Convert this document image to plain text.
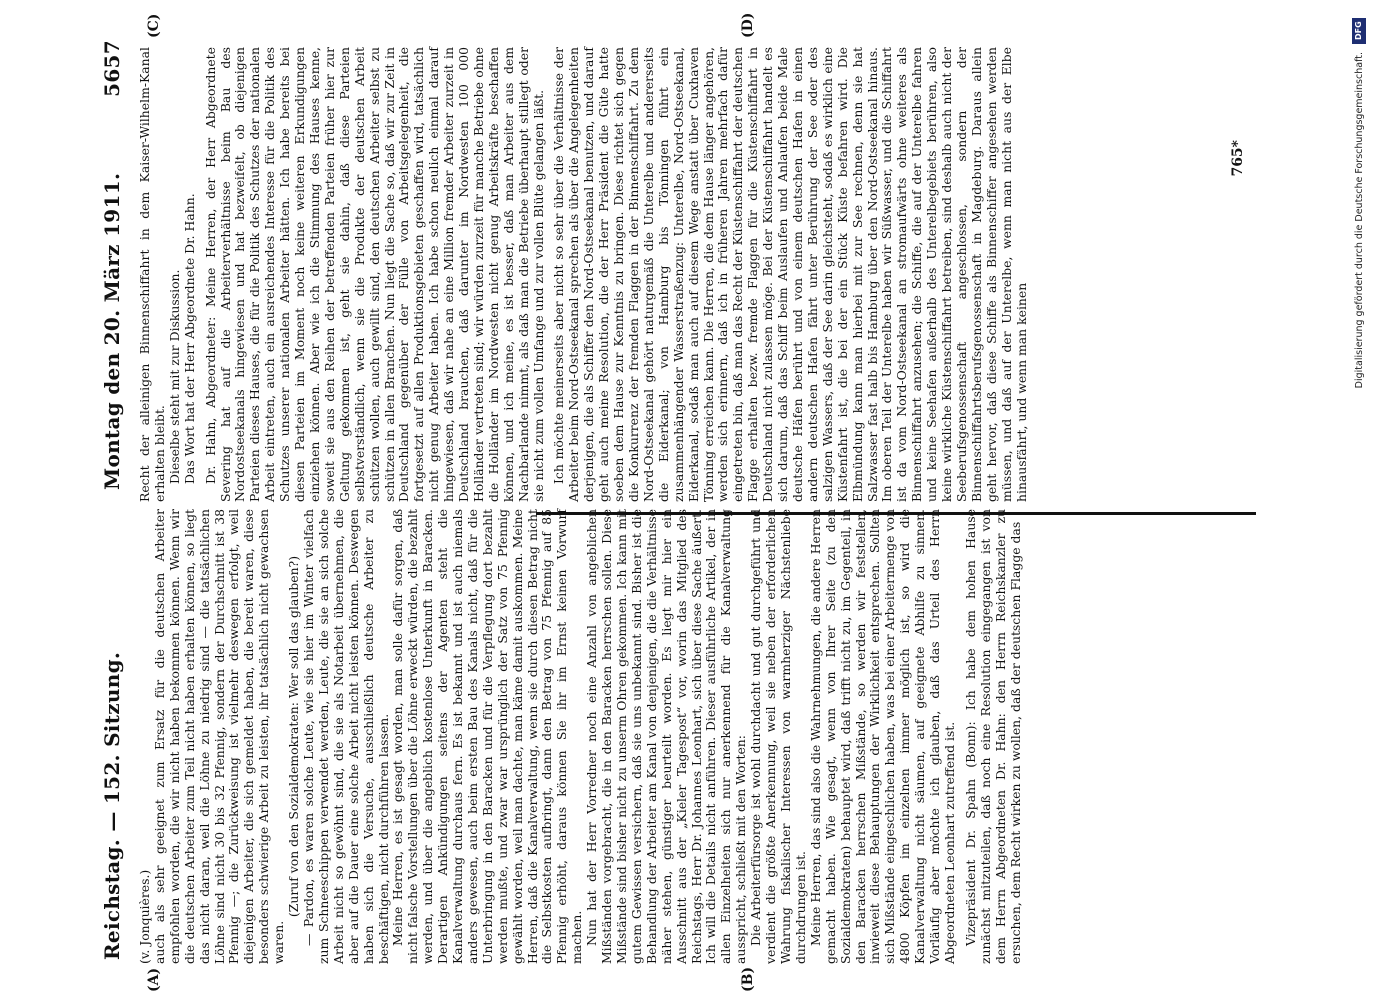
Reichstag. — 152. Sitzung.
Montag den 20. März 1911.
5657
(A)	(B)
(C)	(D)

(v. Jonquières.) auch als sehr geeignet zum Ersatz für die deutschen Arbeiter empfohlen worden, die wir nicht haben bekommen können. Wenn wir die deutschen Arbeiter zum Teil nicht haben erhalten können, so liegt das nicht daran, weil die Löhne zu niedrig sind — die tatsächlichen Löhne sind nicht 30 bis 32 Pfennig, sondern der Durchschnitt ist 38 Pfennig —; die Zurückweisung ist vielmehr deswegen erfolgt, weil diejenigen Arbeiter, die sich gemeldet haben, die bereit waren, diese besonders schwierige Arbeit zu leisten, ihr tatsächlich nicht gewachsen waren.

(Zuruf von den Sozialdemokraten: Wer soll das glauben?) — Pardon, es waren solche Leute, wie sie hier im Winter vielfach zum Schneeschippen verwendet werden, Leute, die sie an sich solche Arbeit nicht so gewöhnt sind, die sie als Notarbeit übernehmen, die aber auf die Dauer eine solche Arbeit nicht leisten können. Deswegen haben sich die Versuche, ausschließlich deutsche Arbeiter zu beschäftigen, nicht durchführen lassen. Meine Herren, es ist gesagt worden, man solle dafür sorgen, daß nicht falsche Vorstellungen über die Löhne erweckt würden, die bezahlt werden, und über die angeblich kostenlose Unterkunft in Baracken. Derartigen Ankündigungen seitens der Agenten steht die Kanalverwaltung durchaus fern. Es ist bekannt und ist auch niemals anders gewesen, auch beim ersten Bau des Kanals nicht, daß für die Unterbringung in den Baracken und für die Verpflegung dort bezahlt werden mußte, und zwar war ursprünglich der Satz von 75 Pfennig gewählt worden, weil man dachte, man käme damit auskommen. Meine Herren, daß die Kanalverwaltung, wenn sie durch diesen Betrag nicht die Selbstkosten aufbringt, dann den Betrag von 75 Pfennig auf 85 Pfennig erhöht, daraus können Sie ihr im Ernst keinen Vorwurf machen. Nun hat der Herr Vorredner noch eine Anzahl von angeblichen Mißständen vorgebracht, die in den Baracken herrschen sollen. Diese Mißstände sind bisher nicht zu unserm Ohren gekommen. Ich kann mit gutem Gewissen versichern, daß sie uns unbekannt sind. Bisher ist die Behandlung der Arbeiter am Kanal von denjenigen, die die Verhältnisse näher stehen, günstiger beurteilt worden. Es liegt mir hier ein Ausschnitt aus der „Kieler Tagespost“ vor, worin das Mitglied des Reichstags, Herr Dr. Johannes Leonhart, sich über diese Sache äußert. Ich will die Details nicht anführen. Dieser ausführliche Artikel, der in allen Einzelheiten sich nur anerkennend für die Kanalverwaltung ausspricht, schließt mit den Worten: Die Arbeiterfürsorge ist wohl durchdacht und gut durchgeführt und verdient die größte Anerkennung, weil sie neben der erforderlichen Wahrung fiskalischer Interessen von warmherziger Nächstenliebe durchdrungen ist. Meine Herren, das sind also die Wahrnehmungen, die andere Herren gemacht haben. Wie gesagt, wenn von Ihrer Seite (zu den Sozialdemokraten) behauptet wird, daß trifft nicht zu, im Gegenteil, in den Baracken herrschen Mißstände, so werden wir feststellen, inwieweit diese Behauptungen der Wirklichkeit entsprechen. Sollten sich Mißstände eingeschlichen haben, was bei einer Arbeitermenge von 4800 Köpfen im einzelnen immer möglich ist, so wird die Kanalverwaltung nicht säumen, auf geeignete Abhilfe zu sinnen. Vorläufig aber möchte ich glauben, daß das Urteil des Herrn Abgeordneten Leonhart zutreffend ist. Vizepräsident Dr. Spahn (Bonn): Ich habe dem hohen Hause zunächst mitzuteilen, daß noch eine Resolution eingegangen ist von dem Herrn Abgeordneten Dr. Hahn: den Herrn Reichskanzler zu ersuchen, dem Recht wirken zu wollen, daß der deutschen Flagge das

Recht der alleinigen Binnenschiffahrt in dem Kaiser-Wilhelm-Kanal erhalten bleibt. Dieselbe steht mit zur Diskussion. Das Wort hat der Herr Abgeordnete Dr. Hahn. Dr. Hahn, Abgeordneter: Meine Herren, der Herr Abgeordnete Severing hat auf die Arbeiterverhältnisse beim Bau des Nordostseekanals hingewiesen und hat bezweifelt, ob diejenigen Parteien dieses Hauses, die für die Politik des Schutzes der nationalen Arbeit eintreten, auch ein ausreichendes Interesse für die Politik des Schutzes unserer nationalen Arbeiter hätten. Ich habe bereits bei diesen Parteien im Moment noch keine weiteren Erkundigungen einziehen können. Aber wie ich die Stimmung des Hauses kenne, soweit sie aus den Reihen der betreffenden Parteien früher hier zur Geltung gekommen ist, geht sie dahin, daß diese Parteien selbstverständlich, wenn sie die Produkte der deutschen Arbeit schützen wollen, auch gewillt sind, den deutschen Arbeiter selbst zu schützen in allen Branchen. Nun liegt die Sache so, daß wir zur Zeit in Deutschland gegenüber der Fülle von Arbeitsgelegenheit, die fortgesetzt auf allen Produktionsgebieten geschaffen wird, tatsächlich nicht genug Arbeiter haben. Ich habe schon neulich einmal darauf hingewiesen, daß wir nahe an eine Million fremder Arbeiter zurzeit in Deutschland brauchen, daß darunter im Nordwesten 100 000 Holländer vertreten sind; wir würden zurzeit für manche Betriebe ohne die Holländer im Nordwesten nicht genug Arbeitskräfte beschaffen können, und ich meine, es ist besser, daß man Arbeiter aus dem Nachbarlande nimmt, als daß man die Betriebe überhaupt stillegt oder sie nicht zum vollen Umfange und zur vollen Blüte gelangen läßt. Ich möchte meinerseits aber nicht so sehr über die Verhältnisse der Arbeiter beim Nord-Ostseekanal sprechen als über die Angelegenheiten derjenigen, die als Schiffer den Nord-Ostseekanal benutzen, und darauf geht auch meine Resolution, die der Herr Präsident die Güte hatte soeben dem Hause zur Kenntnis zu bringen. Diese richtet sich gegen die Konkurrenz der fremden Flaggen in der Binnenschiffahrt. Zu dem Nord-Ostseekanal gehört naturgemäß die Unterelbe und andererseits die Eiderkanal; von Hamburg bis Tönningen führt ein zusammenhängender Wasserstraßenzug: Unterelbe, Nord-Ostseekanal, Eiderkanal, sodaß man auch auf diesem Wege anstatt über Cuxhaven Tönning erreichen kann. Die Herren, die dem Hause länger angehören, werden sich erinnern, daß ich in früheren Jahren mehrfach dafür eingetreten bin, daß man das Recht der Küstenschiffahrt der deutschen Flagge erhalten bezw. fremde Flaggen für die Küstenschiffahrt in Deutschland nicht zulassen möge. Bei der Küstenschiffahrt handelt es sich darum, daß das Schiff beim Auslaufen und Anlaufen beide Male deutsche Häfen berührt und von einem deutschen Hafen in einen andern deutschen Hafen fährt unter Berührung der See oder des salzigen Wassers, daß der See darin gleichsteht, sodaß es wirklich eine Küstenfahrt ist, die bei der ein Stück Küste befahren wird. Die Elbmündung kann man hierbei mit zur See rechnen, denn sie hat Salzwasser fast halb bis Hamburg über den Nord-Ostseekanal hinaus. Im oberen Teil der Unterelbe haben wir Süßwasser, und die Schiffahrt ist da vom Nord-Ostseekanal an stromaufwärts ohne weiteres als Binnenschiffahrt anzusehen; die Schiffe, die auf der Unterelbe fahren und keine Seehafen außerhalb des Unterelbegebiets berühren, also keine wirkliche Küstenschiffahrt betreiben, sind deshalb auch nicht der Seeberufsgenossenschaft angeschlossen, sondern der Binnenschiffahrtsberufsgenossenschaft in Magdeburg. Daraus allein geht hervor, daß diese Schiffe als Binnenschiffer angesehen werden müssen, und daß auf der Unterelbe, wenn man nicht aus der Elbe hinausfährt, und wenn man keinen

765*
DFG
Digitalisierung gefördert durch die Deutsche Forschungsgemeinschaft.
